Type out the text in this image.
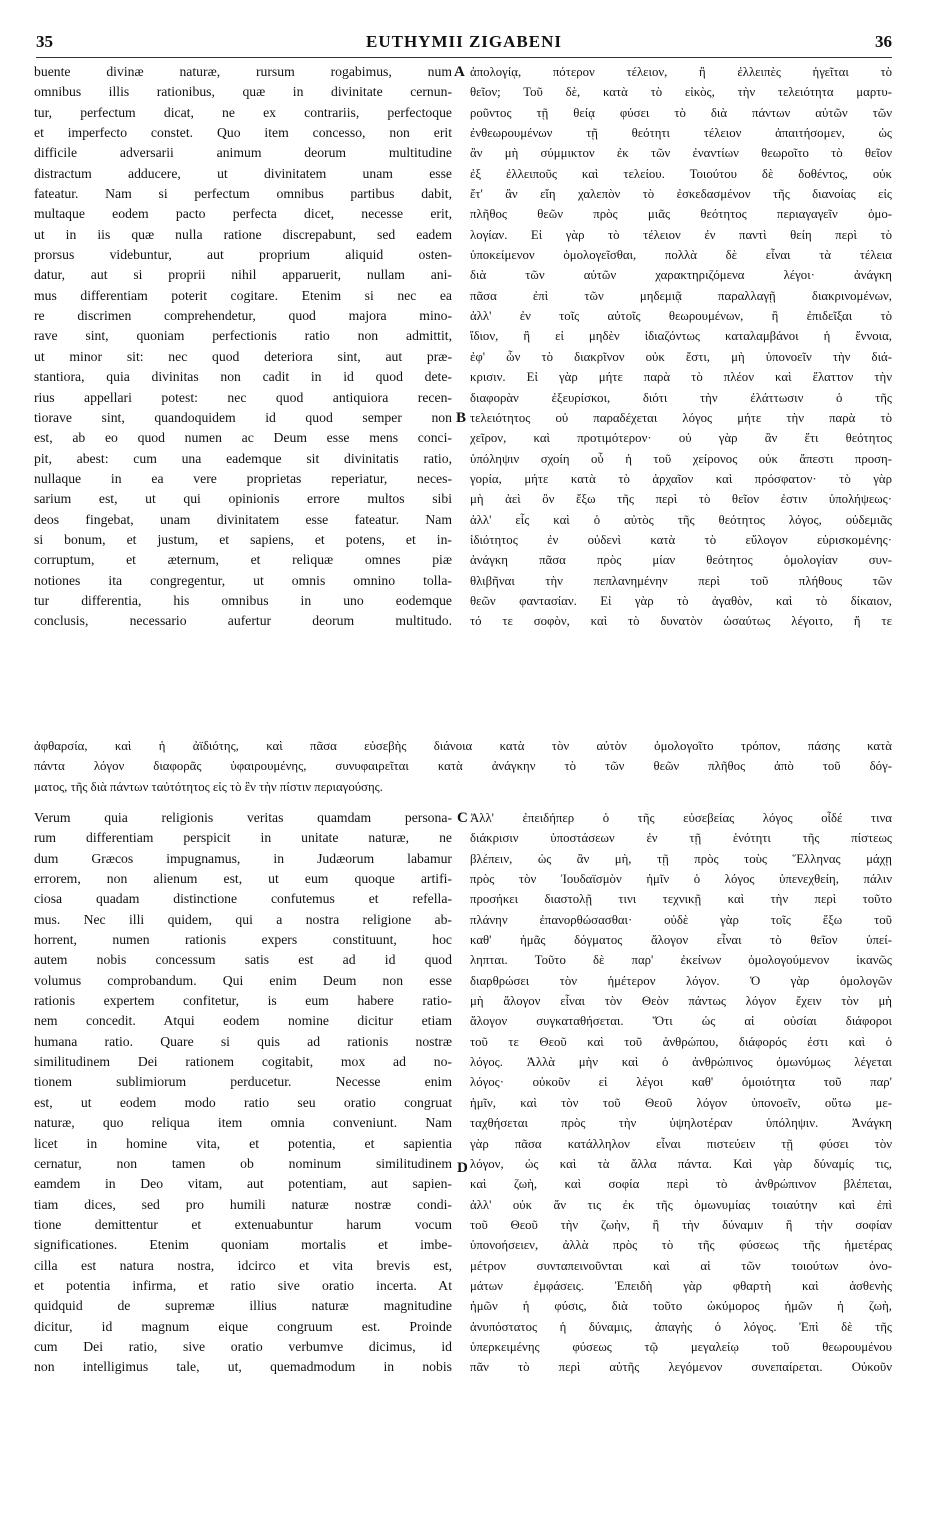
35	EUTHYMII ZIGABENI	36
buente divinæ naturæ, rursum rogabimus, num
omnibus illis rationibus, quæ in divinitate cernun-
tur, perfectum dicat, ne ex contrariis, perfectoque
et imperfecto constet. Quo item concesso, non erit
difficile adversarii animum deorum multitudine
distractum adducere, ut divinitatem unam esse
fateatur. Nam si perfectum omnibus partibus dabit,
multaque eodem pacto perfecta dicet, necesse erit,
ut in iis quæ nulla ratione discrepabunt, sed eadem
prorsus videbuntur, aut proprium aliquid osten-
datur, aut si proprii nihil apparuerit, nullam ani-
mus differentiam poterit cogitare. Etenim si nec ea
re discrimen comprehendetur, quod majora mino-
rave sint, quoniam perfectionis ratio non admittit,
ut minor sit: nec quod deteriora sint, aut præ-
stantiora, quia divinitas non cadit in id quod dete-
rius appellari potest: nec quod antiquiora recen-
tiorave sint, quandoquidem id quod semper non
est, ab eo quod numen ac Deum esse mens conci-
pit, abest: cum una eademque sit divinitatis ratio,
nullaque in ea vere proprietas reperiatur, neces-
sarium est, ut qui opinionis errore multos sibi
deos fingebat, unam divinitatem esse fateatur. Nam
si bonum, et justum, et sapiens, et potens, et in-
corruptum, et æternum, et reliquæ omnes piæ
notiones ita congregentur, ut omnis omnino tolla-
tur differentia, his omnibus in uno eodemque
conclusis, necessario aufertur deorum multitudo.
ἀπολογίᾳ, πότερον τέλειον, ἢ ἐλλειπὲς ἡγεῖται τὸ
θεῖον; Τοῦ δὲ, κατὰ τὸ εἰκὸς, τὴν τελειότητα μαρτυ-
ροῦντος τῇ θείᾳ φύσει τὸ διὰ πάντων αὐτῶν τῶν
ἐνθεωρουμένων τῇ θεότητι τέλειον ἀπαιτήσομεν, ὡς
ἂν μὴ σύμμικτον ἐκ τῶν ἐναντίων θεωροῖτο τὸ θεῖον
ἐξ ἐλλειποῦς καὶ τελείου. Τοιούτου δὲ δοθέντος, οὐκ
ἔτ' ἂν εἴη χαλεπὸν τὸ ἐσκεδασμένον τῆς διανοίας εἰς
πλῆθος θεῶν πρὸς μιᾶς θεότητος περιαγαγεῖν ὁμο-
λογίαν. Εἰ γὰρ τὸ τέλειον ἐν παντὶ θείη περὶ τὸ
ὑποκείμενον ὁμολογεῖσθαι, πολλὰ δὲ εἶναι τὰ τέλεια
διὰ τῶν αὐτῶν χαρακτηριζόμενα λέγοι· ἀνάγκη
πᾶσα ἐπὶ τῶν μηδεμιᾷ παραλλαγῇ διακρινομένων,
ἀλλ' ἐν τοῖς αὐτοῖς θεωρουμένων, ἢ ἐπιδεῖξαι τὸ
ἴδιον, ἢ εἰ μηδὲν ἰδιαζόντως καταλαμβάνοι ἡ ἔννοια,
ἐφ' ὧν τὸ διακρῖνον οὐκ ἔστι, μὴ ὑπονοεῖν τὴν διά-
κρισιν. Εἰ γὰρ μήτε παρὰ τὸ πλέον καὶ ἔλαττον τὴν
διαφορὰν ἐξευρίσκοι, διότι τὴν ἐλάττωσιν ὁ τῆς
τελειότητος οὐ παραδέχεται λόγος μήτε τὴν παρὰ τὸ
χεῖρον, καὶ προτιμότερον· οὐ γὰρ ἂν ἔτι θεότητος
ὑπόληψιν σχοίη οὗ ἡ τοῦ χείρονος οὐκ ἄπεστι προση-
γορία, μήτε κατὰ τὸ ἀρχαῖον καὶ πρόσφατον· τὸ γὰρ
μὴ ἀεὶ ὂν ἔξω τῆς περὶ τὸ θεῖον ἐστιν ὑπολήψεως·
ἀλλ' εἷς καὶ ὁ αὐτὸς τῆς θεότητος λόγος, οὐδεμιᾶς
ἰδιότητος ἐν οὐδενὶ κατὰ τὸ εὔλογον εὑρισκομένης·
ἀνάγκη πᾶσα πρὸς μίαν θεότητος ὁμολογίαν συν-
θλιβῆναι τὴν πεπλανημένην περὶ τοῦ πλήθους τῶν
θεῶν φαντασίαν. Εἰ γὰρ τὸ ἀγαθὸν, καὶ τὸ δίκαιον,
τό τε σοφὸν, καὶ τὸ δυνατὸν ὡσαύτως λέγοιτο, ἥ τε
A
B
ἀφθαρσία, καὶ ἡ ἀϊδιότης, καὶ πᾶσα εὐσεβὴς διάνοια κατὰ τὸν αὐτὸν ὁμολογοῖτο τρόπον, πάσης κατὰ
πάντα λόγον διαφορᾶς ὑφαιρουμένης, συνυφαιρεῖται κατὰ ἀνάγκην τὸ τῶν θεῶν πλῆθος ἀπὸ τοῦ δόγ-
ματος, τῆς διὰ πάντων ταὐτότητος εἰς τὸ ἓν τὴν πίστιν περιαγούσης.
Verum quia religionis veritas quamdam persona-
rum differentiam perspicit in unitate naturæ, ne
dum Græcos impugnamus, in Judæorum labamur
errorem, non alienum est, ut eum quoque artifi-
ciosa quadam distinctione confutemus et refella-
mus. Nec illi quidem, qui a nostra religione ab-
horrent, numen rationis expers constituunt, hoc
autem nobis concessum satis est ad id quod
volumus comprobandum. Qui enim Deum non esse
rationis expertem confitetur, is eum habere ratio-
nem concedit. Atqui eodem nomine dicitur etiam
humana ratio. Quare si quis ad rationis nostræ
similitudinem Dei rationem cogitabit, mox ad no-
tionem sublimiorum perducetur. Necesse enim
est, ut eodem modo ratio seu oratio congruat
naturæ, quo reliqua item omnia conveniunt. Nam
licet in homine vita, et potentia, et sapientia
cernatur, non tamen ob nominum similitudinem
eamdem in Deo vitam, aut potentiam, aut sapien-
tiam dices, sed pro humili naturæ nostræ condi-
tione demittentur et extenuabuntur harum vocum
significationes. Etenim quoniam mortalis et imbe-
cilla est natura nostra, idcirco et vita brevis est,
et potentia infirma, et ratio sive oratio incerta. At
quidquid de supremæ illius naturæ magnitudine
dicitur, id magnum eique congruum est. Proinde
cum Dei ratio, sive oratio verbumve dicimus, id
non intelligimus tale, ut, quemadmodum in nobis
Ἀλλ' ἐπειδήπερ ὁ τῆς εὐσεβείας λόγος οἶδέ τινα
διάκρισιν ὑποστάσεων ἐν τῇ ἑνότητι τῆς πίστεως
βλέπειν, ὡς ἂν μὴ, τῇ πρὸς τοὺς Ἕλληνας μάχῃ
πρὸς τὸν Ἰουδαϊσμὸν ἡμῖν ὁ λόγος ὑπενεχθείη, πάλιν
προσήκει διαστολῇ τινι τεχνικῇ καὶ τὴν περὶ τοῦτο
πλάνην ἐπανορθώσασθαι· οὐδὲ γὰρ τοῖς ἔξω τοῦ
καθ' ἡμᾶς δόγματος ἄλογον εἶναι τὸ θεῖον ὑπεί-
ληπται. Τοῦτο δὲ παρ' ἐκείνων ὁμολογούμενον ἱκανῶς
διαρθρώσει τὸν ἡμέτερον λόγον. Ὁ γὰρ ὁμολογῶν
μὴ ἄλογον εἶναι τὸν Θεὸν πάντως λόγον ἔχειν τὸν μὴ
ἄλογον συγκαταθήσεται. Ὅτι ὡς αἱ οὐσίαι διάφοροι
τοῦ τε Θεοῦ καὶ τοῦ ἀνθρώπου, διάφορός ἐστι καὶ ὁ
λόγος. Ἀλλὰ μὴν καὶ ὁ ἀνθρώπινος ὁμωνύμως λέγεται
λόγος· οὐκοῦν εἰ λέγοι καθ' ὁμοιότητα τοῦ παρ'
ἡμῖν, καὶ τὸν τοῦ Θεοῦ λόγον ὑπονοεῖν, οὕτω με-
ταχθήσεται πρὸς τὴν ὑψηλοτέραν ὑπόληψιν. Ἀνάγκη
γὰρ πᾶσα κατάλληλον εἶναι πιστεύειν τῇ φύσει τὸν
λόγον, ὡς καὶ τὰ ἄλλα πάντα. Καὶ γὰρ δύναμίς τις,
καὶ ζωὴ, καὶ σοφία περὶ τὸ ἀνθρώπινον βλέπεται,
ἀλλ' οὐκ ἄν τις ἐκ τῆς ὁμωνυμίας τοιαύτην καὶ ἐπὶ
τοῦ Θεοῦ τὴν ζωὴν, ἢ τὴν δύναμιν ἢ τὴν σοφίαν
ὑπονοήσειεν, ἀλλὰ πρὸς τὸ τῆς φύσεως τῆς ἡμετέρας
μέτρον συνταπεινοῦνται καὶ αἱ τῶν τοιούτων ὀνο-
μάτων ἐμφάσεις. Ἐπειδὴ γὰρ φθαρτὴ καὶ ἀσθενὴς
ἡμῶν ἡ φύσις, διὰ τοῦτο ὠκύμορος ἡμῶν ἡ ζωὴ,
ἀνυπόστατος ἡ δύναμις, ἀπαγὴς ὁ λόγος. Ἐπὶ δὲ τῆς
ὑπερκειμένης φύσεως τῷ μεγαλείῳ τοῦ θεωρουμένου
πᾶν τὸ περὶ αὐτῆς λεγόμενον συνεπαίρεται. Οὐκοῦν
C
D
